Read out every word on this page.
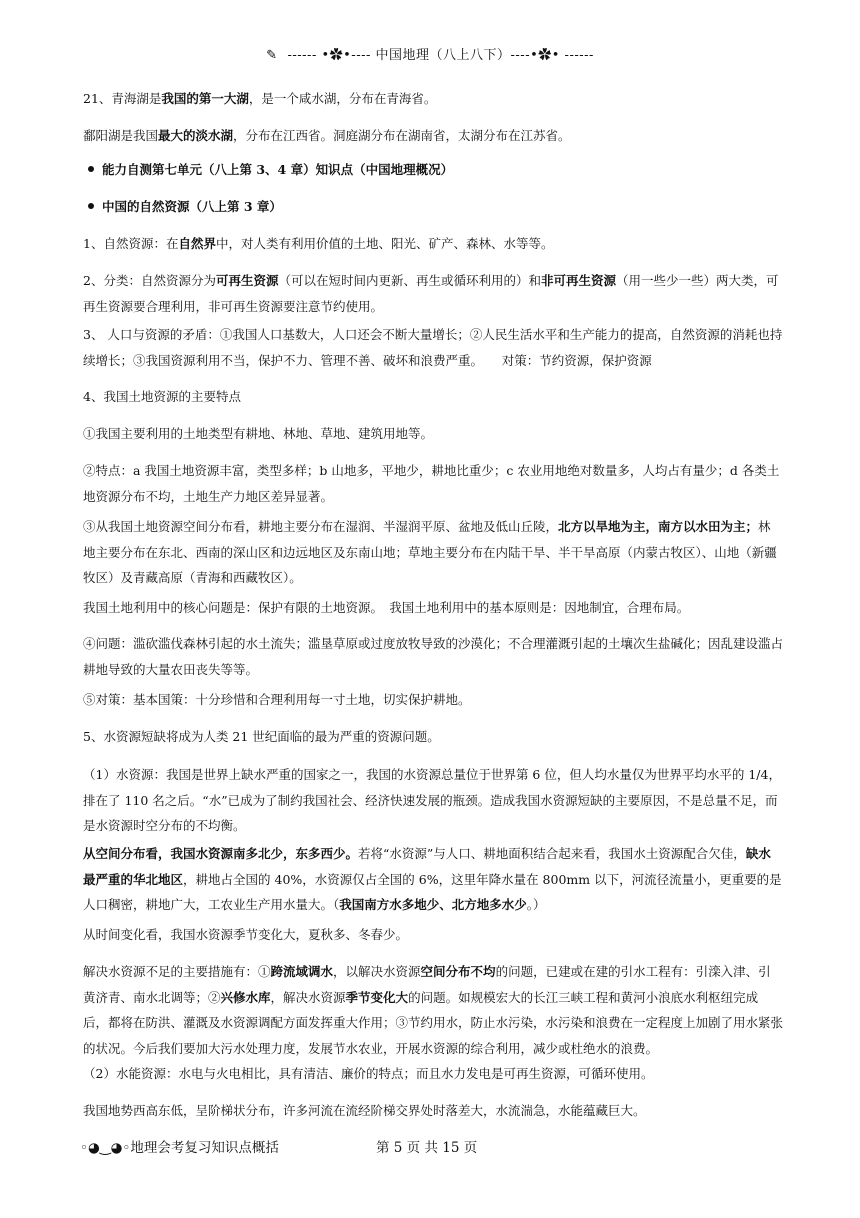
✎ ------ •✿•---- 中国地理（八上八下）----•✿• ------

21、青海湖是我国的第一大湖，是一个咸水湖，分布在青海省。

鄱阳湖是我国最大的淡水湖，分布在江西省。洞庭湖分布在湖南省，太湖分布在江苏省。

能力自测第七单元（八上第 3、4 章）知识点（中国地理概况）
中国的自然资源（八上第 3 章）

1、自然资源：在自然界中，对人类有利用价值的土地、阳光、矿产、森林、水等等。

2、分类：自然资源分为可再生资源（可以在短时间内更新、再生或循环利用的）和非可再生资源（用一些少一些）两大类，可再生资源要合理利用，非可再生资源要注意节约使用。

3、 人口与资源的矛盾：①我国人口基数大，人口还会不断大量增长；②人民生活水平和生产能力的提高，自然资源的消耗也持续增长；③我国资源利用不当，保护不力、管理不善、破坏和浪费严重。　　对策：节约资源，保护资源

4、我国土地资源的主要特点

①我国主要利用的土地类型有耕地、林地、草地、建筑用地等。

②特点：a 我国土地资源丰富，类型多样；b 山地多，平地少，耕地比重少；c 农业用地绝对数量多，人均占有量少；d 各类土地资源分布不均，土地生产力地区差异显著。

③从我国土地资源空间分布看，耕地主要分布在湿润、半湿润平原、盆地及低山丘陵，北方以旱地为主，南方以水田为主；林地主要分布在东北、西南的深山区和边远地区及东南山地；草地主要分布在内陆干旱、半干旱高原（内蒙古牧区）、山地（新疆牧区）及青藏高原（青海和西藏牧区）。

我国土地利用中的核心问题是：保护有限的土地资源。　我国土地利用中的基本原则是：因地制宜，合理布局。

④问题：滥砍滥伐森林引起的水土流失；滥垦草原或过度放牧导致的沙漠化；不合理灌溉引起的土壤次生盐碱化；因乱建设滥占耕地导致的大量农田丧失等等。

⑤对策：基本国策：十分珍惜和合理利用每一寸土地，切实保护耕地。

5、水资源短缺将成为人类 21 世纪面临的最为严重的资源问题。

（1）水资源：我国是世界上缺水严重的国家之一，我国的水资源总量位于世界第 6 位，但人均水量仅为世界平均水平的 1/4，排在了 110 名之后。“水”已成为了制约我国社会、经济快速发展的瓶颈。造成我国水资源短缺的主要原因，不是总量不足，而是水资源时空分布的不均衡。

从空间分布看，我国水资源南多北少，东多西少。若将“水资源”与人口、耕地面积结合起来看，我国水土资源配合欠佳，缺水最严重的华北地区，耕地占全国的 40%，水资源仅占全国的 6%，这里年降水量在 800mm 以下，河流径流量小，更重要的是人口稠密，耕地广大，工农业生产用水量大。（我国南方水多地少、北方地多水少。）

从时间变化看，我国水资源季节变化大，夏秋多、冬春少。

解决水资源不足的主要措施有：①跨流域调水，以解决水资源空间分布不均的问题，已建或在建的引水工程有：引滦入津、引黄济青、南水北调等；②兴修水库，解决水资源季节变化大的问题。如规模宏大的长江三峡工程和黄河小浪底水利枢纽完成后，都将在防洪、灌溉及水资源调配方面发挥重大作用；③节约用水，防止水污染，水污染和浪费在一定程度上加剧了用水紧张的状况。今后我们要加大污水处理力度，发展节水农业，开展水资源的综合利用，减少或杜绝水的浪费。

（2）水能资源：水电与火电相比，具有清洁、廉价的特点；而且水力发电是可再生资源，可循环使用。

我国地势西高东低，呈阶梯状分布，许多河流在流经阶梯交界处时落差大，水流湍急，水能蕴藏巨大。

◦◕‿◕◦地理会考复习知识点概括	第 5 页 共 15 页
